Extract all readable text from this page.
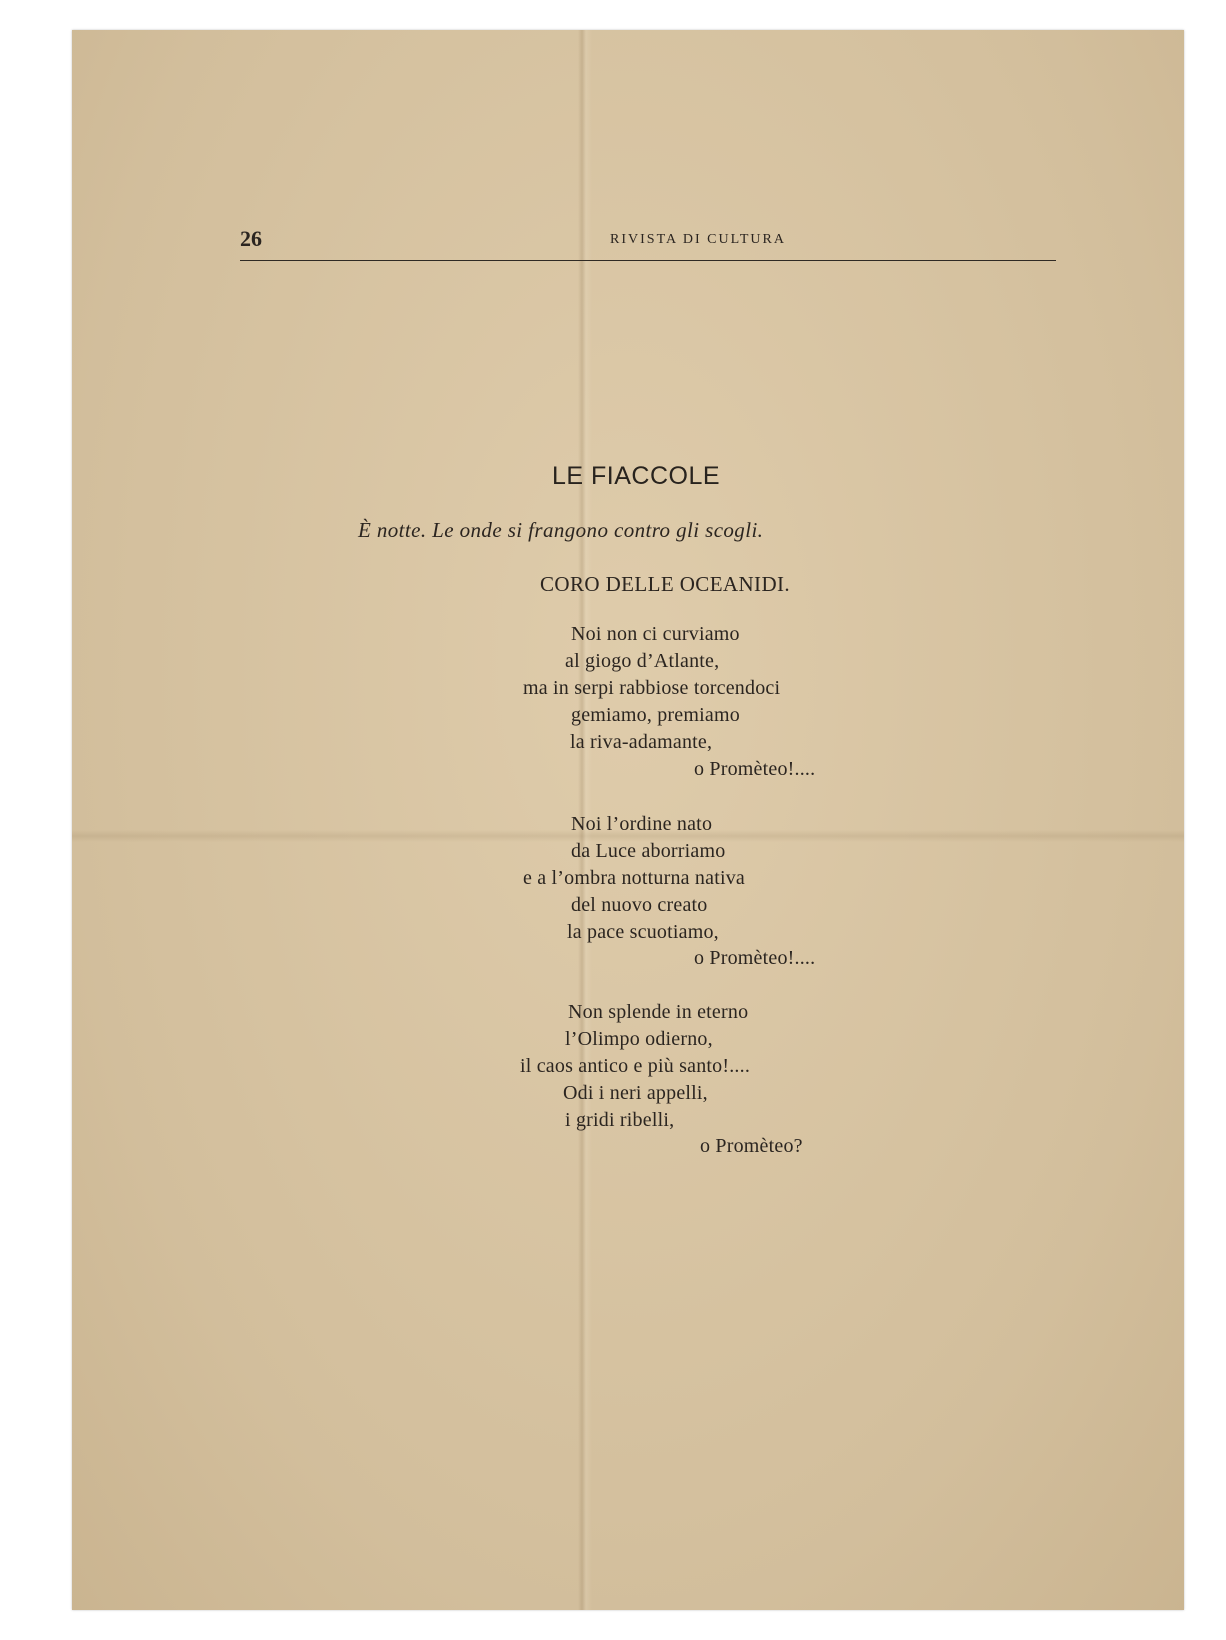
26	RIVISTA DI CULTURA
LE FIACCOLE
È notte. Le onde si frangono contro gli scogli.
CORO DELLE OCEANIDI.
Noi non ci curviamo
al giogo d’Atlante,
ma in serpi rabbiose torcendoci
gemiamo, premiamo
la riva-adamante,
o Promèteo!....
Noi l’ordine nato
da Luce aborriamo
e a l’ombra notturna nativa
del nuovo creato
la pace scuotiamo,
o Promèteo!....
Non splende in eterno
l’Olimpo odierno,
il caos antico e più santo!....
Odi i neri appelli,
i gridi ribelli,
o Promèteo?
